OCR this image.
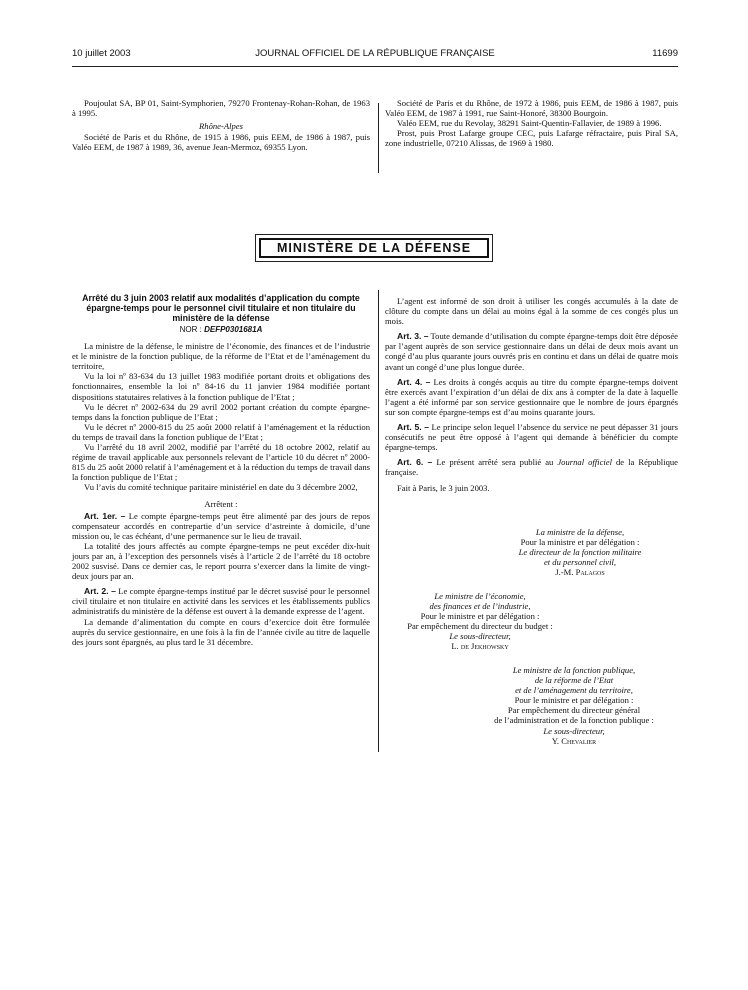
10 juillet 2003	JOURNAL OFFICIEL DE LA RÉPUBLIQUE FRANÇAISE	11699

Poujoulat SA, BP 01, Saint-Symphorien, 79270 Frontenay-Rohan-Rohan, de 1963 à 1995.

Rhône-Alpes

Société de Paris et du Rhône, de 1915 à 1986, puis EEM, de 1986 à 1987, puis Valéo EEM, de 1987 à 1989, 36, avenue Jean-Mermoz, 69355 Lyon.

Société de Paris et du Rhône, de 1972 à 1986, puis EEM, de 1986 à 1987, puis Valéo EEM, de 1987 à 1991, rue Saint-Honoré, 38300 Bourgoin.

Valéo EEM, rue du Revolay, 38291 Saint-Quentin-Fallavier, de 1989 à 1996.

Prost, puis Prost Lafarge groupe CEC, puis Lafarge réfractaire, puis Piral SA, zone industrielle, 07210 Alissas, de 1969 à 1980.

MINISTÈRE DE LA DÉFENSE

Arrêté du 3 juin 2003 relatif aux modalités d’application du compte épargne-temps pour le personnel civil titulaire et non titulaire du ministère de la défense

NOR : DEFP0301681A

La ministre de la défense, le ministre de l’économie, des finances et de l’industrie et le ministre de la fonction publique, de la réforme de l’Etat et de l’aménagement du territoire,

Vu la loi nº 83-634 du 13 juillet 1983 modifiée portant droits et obligations des fonctionnaires, ensemble la loi nº 84-16 du 11 janvier 1984 modifiée portant dispositions statutaires relatives à la fonction publique de l’Etat ;

Vu le décret nº 2002-634 du 29 avril 2002 portant création du compte épargne-temps dans la fonction publique de l’Etat ;

Vu le décret nº 2000-815 du 25 août 2000 relatif à l’aménagement et la réduction du temps de travail dans la fonction publique de l’Etat ;

Vu l’arrêté du 18 avril 2002, modifié par l’arrêté du 18 octobre 2002, relatif au régime de travail applicable aux personnels relevant de l’article 10 du décret nº 2000-815 du 25 août 2000 relatif à l’aménagement et à la réduction du temps de travail dans la fonction publique de l’Etat ;

Vu l’avis du comité technique paritaire ministériel en date du 3 décembre 2002,

Arrêtent :

Art. 1er. – Le compte épargne-temps peut être alimenté par des jours de repos compensateur accordés en contrepartie d’un service d’astreinte à domicile, d’une mission ou, le cas échéant, d’une permanence sur le lieu de travail.

La totalité des jours affectés au compte épargne-temps ne peut excéder dix-huit jours par an, à l’exception des personnels visés à l’article 2 de l’arrêté du 18 octobre 2002 susvisé. Dans ce dernier cas, le report pourra s’exercer dans la limite de vingt-deux jours par an.

Art. 2. – Le compte épargne-temps institué par le décret susvisé pour le personnel civil titulaire et non titulaire en activité dans les services et les établissements publics administratifs du ministère de la défense est ouvert à la demande expresse de l’agent.

La demande d’alimentation du compte en cours d’exercice doit être formulée auprès du service gestionnaire, en une fois à la fin de l’année civile au titre de laquelle des jours sont épargnés, au plus tard le 31 décembre.

L’agent est informé de son droit à utiliser les congés accumulés à la date de clôture du compte dans un délai au moins égal à la somme de ces congés plus un mois.

Art. 3. – Toute demande d’utilisation du compte épargne-temps doit être déposée par l’agent auprès de son service gestionnaire dans un délai de deux mois avant un congé d’au plus quarante jours ouvrés pris en continu et dans un délai de quatre mois avant un congé d’une plus longue durée.

Art. 4. – Les droits à congés acquis au titre du compte épargne-temps doivent être exercés avant l’expiration d’un délai de dix ans à compter de la date à laquelle l’agent a été informé par son service gestionnaire que le nombre de jours épargnés sur son compte épargne-temps est d’au moins quarante jours.

Art. 5. – Le principe selon lequel l’absence du service ne peut dépasser 31 jours consécutifs ne peut être opposé à l’agent qui demande à bénéficier du compte épargne-temps.

Art. 6. – Le présent arrêté sera publié au Journal officiel de la République française.

Fait à Paris, le 3 juin 2003.

La ministre de la défense,
Pour la ministre et par délégation :
Le directeur de la fonction militaire
et du personnel civil,
J.-M. Palagos
Le ministre de l’économie,
des finances et de l’industrie,
Pour le ministre et par délégation :
Par empêchement du directeur du budget :
Le sous-directeur,
L. de Jekhowsky
Le ministre de la fonction publique,
de la réforme de l’Etat
et de l’aménagement du territoire,
Pour le ministre et par délégation :
Par empêchement du directeur général
de l’administration et de la fonction publique :
Le sous-directeur,
Y. Chevalier
